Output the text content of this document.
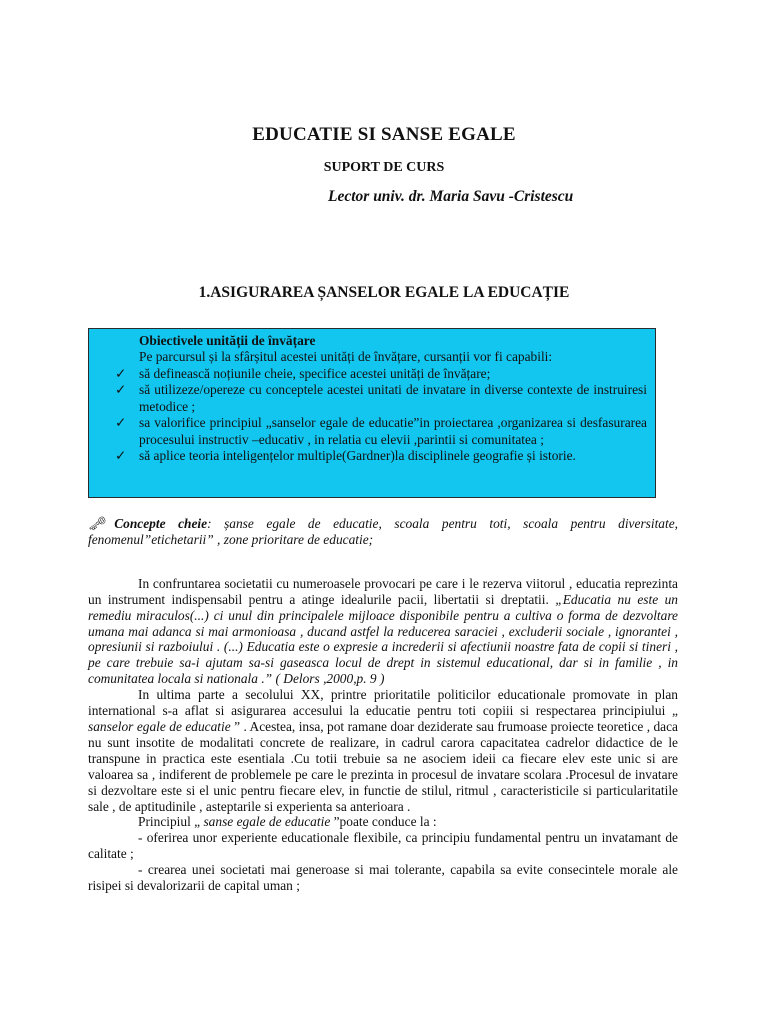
EDUCATIE SI SANSE EGALE
SUPORT DE CURS
Lector univ. dr. Maria Savu -Cristescu
1.ASIGURAREA ȘANSELOR EGALE LA EDUCAȚIE
Obiectivele unității de învățare
Pe parcursul și la sfârșitul acestei unități de învățare, cursanții vor fi capabili:
✓ să definească noțiunile cheie, specifice acestei unități de învățare;
✓ să utilizeze/opereze cu conceptele acestei unitati de invatare in diverse contexte de instruiresi metodice ;
✓ sa valorifice principiul „sanselor egale de educatie”in proiectarea ,organizarea si desfasurarea procesului instructiv –educativ , in relatia cu elevii ,parintii si comunitatea ;
✓ să aplice teoria inteligențelor multiple(Gardner)la disciplinele geografie și istorie.

🗝Concepte cheie: șanse egale de educatie, scoala pentru toti, scoala pentru diversitate, fenomenul”etichetarii” , zone prioritare de educatie;

In confruntarea societatii cu numeroasele provocari pe care i le rezerva viitorul , educatia reprezinta un instrument indispensabil pentru a atinge idealurile pacii, libertatii si dreptatii. „Educatia nu este un remediu miraculos(...) ci unul din principalele mijloace disponibile pentru a cultiva o forma de dezvoltare umana mai adanca si mai armonioasa , ducand astfel la reducerea saraciei , excluderii sociale , ignorantei , opresiunii si razboiului . (...) Educatia este o expresie a increderii si afectiunii noastre fata de copii si tineri , pe care trebuie sa-i ajutam sa-si gaseasca locul de drept in sistemul educational, dar si in familie , in comunitatea locala si nationala .” ( Delors ,2000,p. 9 )

In ultima parte a secolului XX, printre prioritatile politicilor educationale promovate in plan international s-a aflat si asigurarea accesului la educatie pentru toti copiii si respectarea principiului „ sanselor egale de educatie ” . Acestea, insa, pot ramane doar deziderate sau frumoase proiecte teoretice , daca nu sunt insotite de modalitati concrete de realizare, in cadrul carora capacitatea cadrelor didactice de le transpune in practica este esentiala .Cu totii trebuie sa ne asociem ideii ca fiecare elev este unic si are valoarea sa , indiferent de problemele pe care le prezinta in procesul de invatare scolara .Procesul de invatare si dezvoltare este si el unic pentru fiecare elev, in functie de stilul, ritmul , caracteristicile si particularitatile sale , de aptitudinile , asteptarile si experienta sa anterioara .

Principiul „ sanse egale de educatie ”poate conduce la :

- oferirea unor experiente educationale flexibile, ca principiu fundamental pentru un invatamant de calitate ;

- crearea unei societati mai generoase si mai tolerante, capabila sa evite consecintele morale ale risipei si devalorizarii de capital uman ;
